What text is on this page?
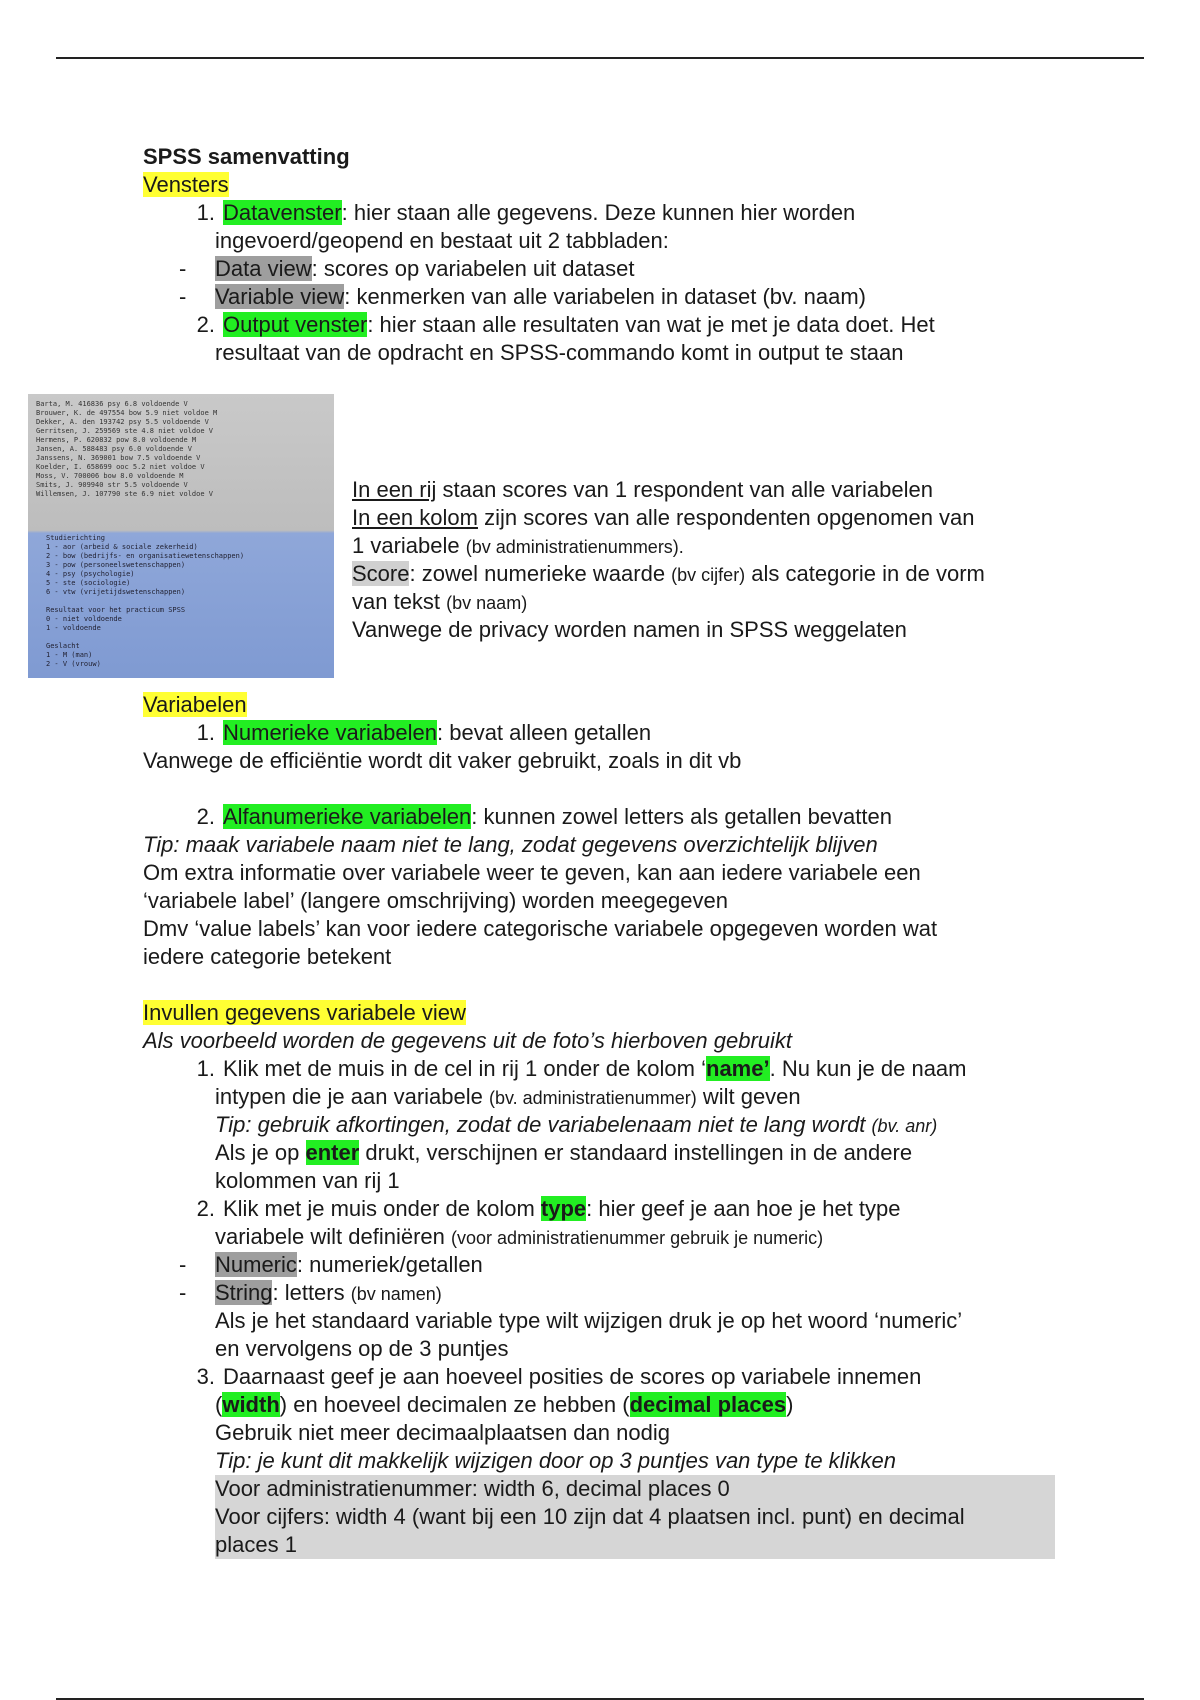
SPSS samenvatting
Vensters
1. Datavenster: hier staan alle gegevens. Deze kunnen hier worden
ingevoerd/geopend en bestaat uit 2 tabbladen:
- Data view: scores op variabelen uit dataset
- Variable view: kenmerken van alle variabelen in dataset (bv. naam)
2. Output venster: hier staan alle resultaten van wat je met je data doet. Het
resultaat van de opdracht en SPSS-commando komt in output te staan
Barta, M. 416836 psy 6.8 voldoende V
Brouwer, K. de 497554 bow 5.9 niet voldoe M
Dekker, A. den 193742 psy 5.5 voldoende V
Gerritsen, J. 259569 ste 4.8 niet voldoe V
Hermens, P. 620832 pow 8.0 voldoende M
Jansen, A. 588483 psy 6.0 voldoende V
Janssens, N. 369001 bow 7.5 voldoende V
Koelder, I. 658699 ooc 5.2 niet voldoe V
Moss, V. 700006 bow 8.0 voldoende M
Smits, J. 909940 str 5.5 voldoende V
Willemsen, J. 107790 ste 6.9 niet voldoe V
Studierichting
1 - aor (arbeid & sociale zekerheid)
2 - bow (bedrijfs- en organisatiewetenschappen)
3 - pow (personeelswetenschappen)
4 - psy (psychologie)
5 - ste (sociologie)
6 - vtw (vrijetijdswetenschappen)

Resultaat voor het practicum SPSS
0 - niet voldoende
1 - voldoende

Geslacht
1 - M (man)
2 - V (vrouw)
In een rij staan scores van 1 respondent van alle variabelen
In een kolom zijn scores van alle respondenten opgenomen van
1 variabele (bv administratienummers).
Score: zowel numerieke waarde (bv cijfer) als categorie in de vorm
van tekst (bv naam)
Vanwege de privacy worden namen in SPSS weggelaten
Variabelen
1. Numerieke variabelen: bevat alleen getallen
Vanwege de efficiëntie wordt dit vaker gebruikt, zoals in dit vb
2. Alfanumerieke variabelen: kunnen zowel letters als getallen bevatten
Tip: maak variabele naam niet te lang, zodat gegevens overzichtelijk blijven
Om extra informatie over variabele weer te geven, kan aan iedere variabele een
‘variabele label’ (langere omschrijving) worden meegegeven
Dmv ‘value labels’ kan voor iedere categorische variabele opgegeven worden wat
iedere categorie betekent
Invullen gegevens variabele view
Als voorbeeld worden de gegevens uit de foto’s hierboven gebruikt
1. Klik met de muis in de cel in rij 1 onder de kolom ‘name’. Nu kun je de naam
intypen die je aan variabele (bv. administratienummer) wilt geven
Tip: gebruik afkortingen, zodat de variabelenaam niet te lang wordt (bv. anr)
Als je op enter drukt, verschijnen er standaard instellingen in de andere
kolommen van rij 1
2. Klik met je muis onder de kolom type: hier geef je aan hoe je het type
variabele wilt definiëren (voor administratienummer gebruik je numeric)
- Numeric: numeriek/getallen
- String: letters (bv namen)
Als je het standaard variable type wilt wijzigen druk je op het woord ‘numeric’
en vervolgens op de 3 puntjes
3. Daarnaast geef je aan hoeveel posities de scores op variabele innemen
(width) en hoeveel decimalen ze hebben (decimal places)
Gebruik niet meer decimaalplaatsen dan nodig
Tip: je kunt dit makkelijk wijzigen door op 3 puntjes van type te klikken
Voor administratienummer: width 6, decimal places 0
Voor cijfers: width 4 (want bij een 10 zijn dat 4 plaatsen incl. punt) en decimal
places 1
